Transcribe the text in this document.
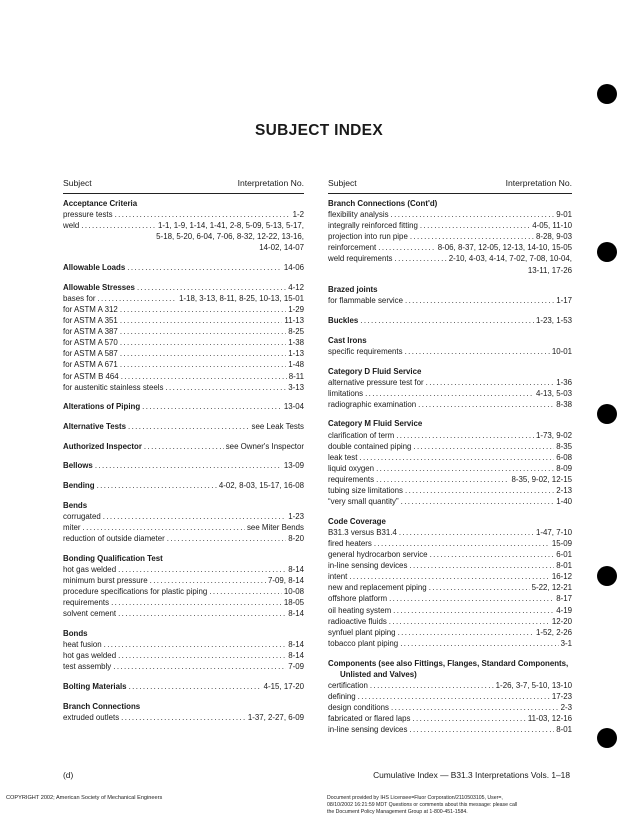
SUBJECT INDEX
Subject	Interpretation No.	Subject	Interpretation No.
Acceptance Criteria
pressure tests . . .	1-2
weld . . .	1-1, 1-9, 1-14, 1-41, 2-8, 5-09, 5-13, 5-17,
5-18, 5-20, 6-04, 7-06, 8-32, 12-22, 13-16,
14-02, 14-07
Allowable Loads . . .	14-06
Allowable Stresses . . .	4-12
bases for . . .	1-18, 3-13, 8-11, 8-25, 10-13, 15-01
for ASTM A 312 . . .	1-29
for ASTM A 351 . . .	11-13
for ASTM A 387 . . .	8-25
for ASTM A 570 . . .	1-38
for ASTM A 587 . . .	1-13
for ASTM A 671 . . .	1-48
for ASTM B 464 . . .	8-11
for austenitic stainless steels . . .	3-13
Alterations of Piping . . .	13-04
Alternative Tests . . .	see Leak Tests
Authorized Inspector . . .	see Owner's Inspector
Bellows . . .	13-09
Bending . . .	4-02, 8-03, 15-17, 16-08
Bends
corrugated . . .	1-23
miter . . .	see Miter Bends
reduction of outside diameter . . .	8-20
Bonding Qualification Test
hot gas welded . . .	8-14
minimum burst pressure . . .	7-09, 8-14
procedure specifications for plastic piping . . .	10-08
requirements . . .	18-05
solvent cement . . .	8-14
Bonds
heat fusion . . .	8-14
hot gas welded . . .	8-14
test assembly . . .	7-09
Bolting Materials . . .	4-15, 17-20
Branch Connections
extruded outlets . . .	1-37, 2-27, 6-09
Branch Connections (Cont'd)
flexibility analysis . . .	9-01
integrally reinforced fitting . . .	4-05, 11-10
projection into run pipe . . .	8-28, 9-03
reinforcement . . .	8-06, 8-37, 12-05, 12-13, 14-10, 15-05
weld requirements . . .	2-10, 4-03, 4-14, 7-02, 7-08, 10-04,
13-11, 17-26
Brazed joints
for flammable service . . .	1-17
Buckles . . .	1-23, 1-53
Cast Irons
specific requirements . . .	10-01
Category D Fluid Service
alternative pressure test for . . .	1-36
limitations . . .	4-13, 5-03
radiographic examination . . .	8-38
Category M Fluid Service
clarification of term . . .	1-73, 9-02
double contained piping . . .	8-35
leak test . . .	6-08
liquid oxygen . . .	8-09
requirements . . .	8-35, 9-02, 12-15
tubing size limitations . . .	2-13
“very small quantity” . . .	1-40
Code Coverage
B31.3 versus B31.4 . . .	1-47, 7-10
fired heaters . . .	15-09
general hydrocarbon service . . .	6-01
in-line sensing devices . . .	8-01
intent . . .	16-12
new and replacement piping . . .	5-22, 12-21
offshore platform . . .	8-17
oil heating system . . .	4-19
radioactive fluids . . .	12-20
synfuel plant piping . . .	1-52, 2-26
tobacco plant piping . . .	3-1
Components (see also Fittings, Flanges, Standard Components,
Unlisted and Valves)
certification . . .	1-26, 3-7, 5-10, 13-10
defining . . .	17-23
design conditions . . .	2-3
fabricated or flared laps . . .	11-03, 12-16
in-line sensing devices . . .	8-01
(d)	Cumulative Index — B31.3 Interpretations Vols. 1–18
COPYRIGHT 2002; American Society of Mechanical Engineers	Document provided by IHS Licensee=Fluor Corporation/2110503105, User=,
08/10/2002 16:21:59 MDT Questions or comments about this message: please call
the Document Policy Management Group at 1-800-451-1584.
